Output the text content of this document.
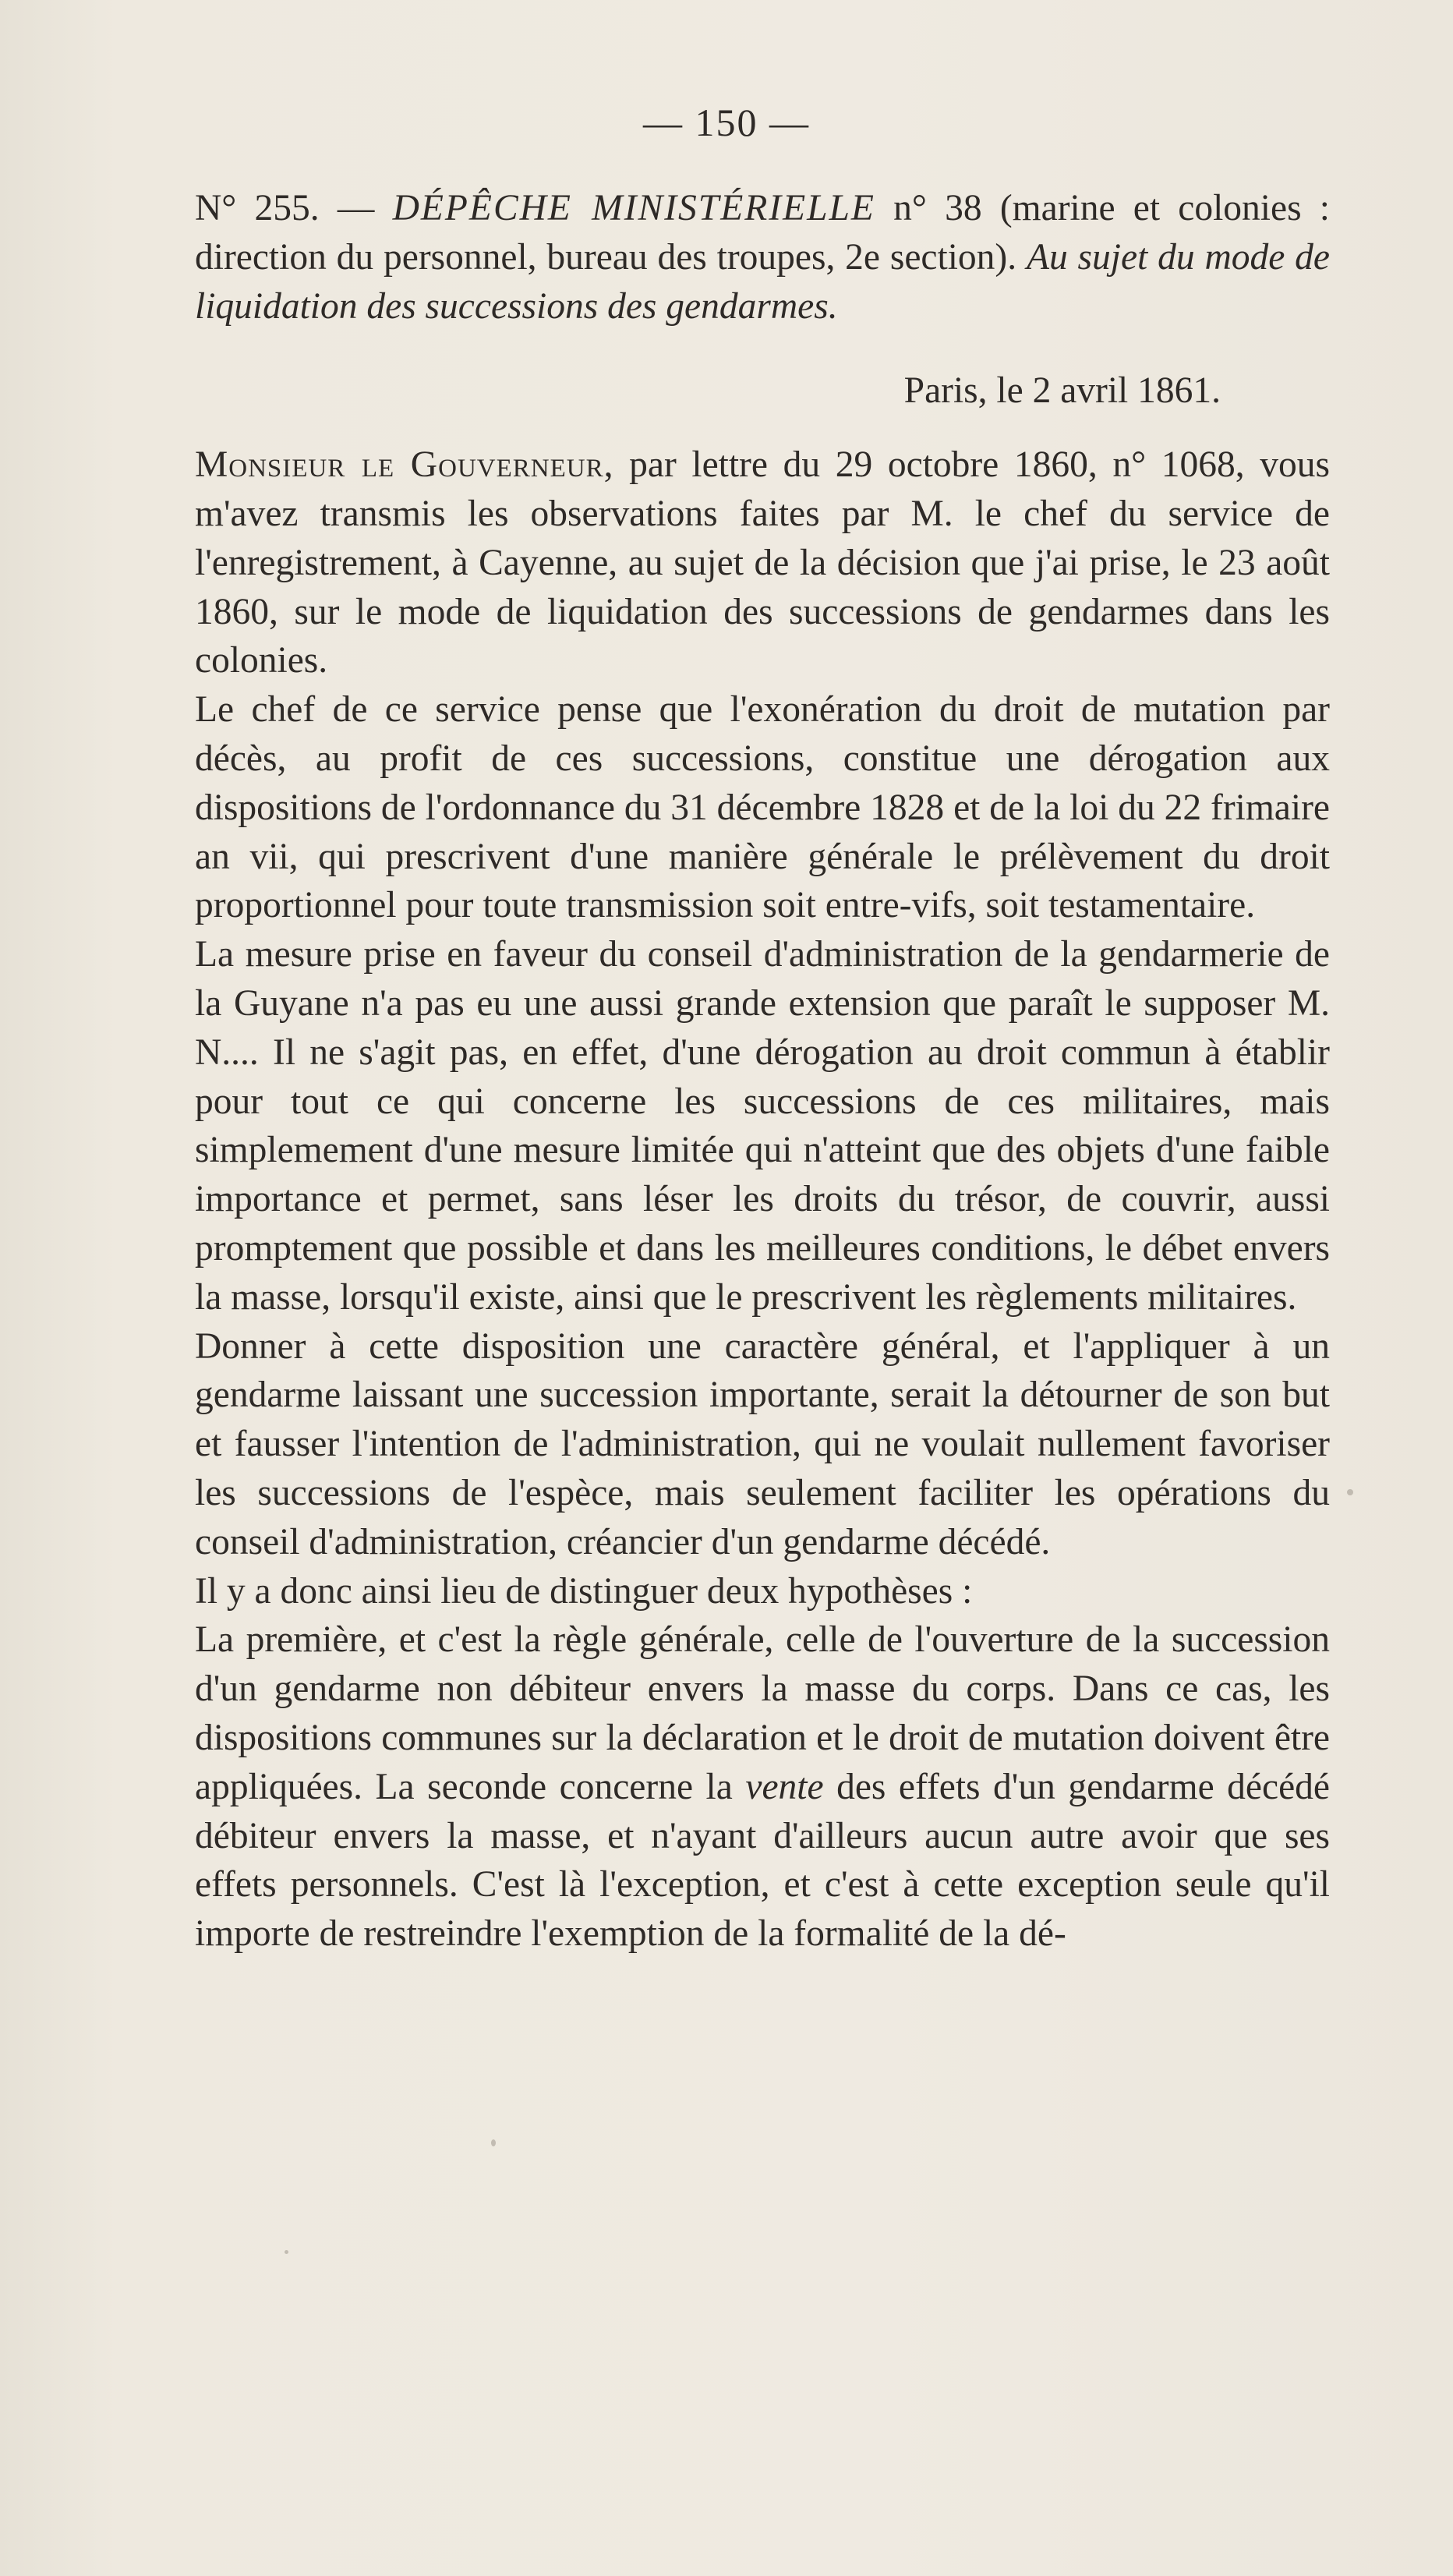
— 150 —

N° 255. — DÉPÊCHE MINISTÉRIELLE n° 38 (marine et colonies : direction du personnel, bureau des troupes, 2e section). Au sujet du mode de liquidation des successions des gendarmes.

Paris, le 2 avril 1861.

Monsieur le Gouverneur, par lettre du 29 octobre 1860, n° 1068, vous m'avez transmis les observations faites par M. le chef du service de l'enregistrement, à Cayenne, au sujet de la décision que j'ai prise, le 23 août 1860, sur le mode de liquidation des successions de gendarmes dans les colonies.

Le chef de ce service pense que l'exonération du droit de mutation par décès, au profit de ces successions, constitue une dérogation aux dispositions de l'ordonnance du 31 décembre 1828 et de la loi du 22 frimaire an vii, qui prescrivent d'une manière générale le prélèvement du droit proportionnel pour toute transmission soit entre-vifs, soit testamentaire.

La mesure prise en faveur du conseil d'administration de la gendarmerie de la Guyane n'a pas eu une aussi grande extension que paraît le supposer M. N.... Il ne s'agit pas, en effet, d'une dérogation au droit commun à établir pour tout ce qui concerne les successions de ces militaires, mais simplemement d'une mesure limitée qui n'atteint que des objets d'une faible importance et permet, sans léser les droits du trésor, de couvrir, aussi promptement que possible et dans les meilleures conditions, le débet envers la masse, lorsqu'il existe, ainsi que le prescrivent les règlements militaires.

Donner à cette disposition une caractère général, et l'appliquer à un gendarme laissant une succession importante, serait la détourner de son but et fausser l'intention de l'administration, qui ne voulait nullement favoriser les successions de l'espèce, mais seulement faciliter les opérations du conseil d'administration, créancier d'un gendarme décédé.

Il y a donc ainsi lieu de distinguer deux hypothèses :

La première, et c'est la règle générale, celle de l'ouverture de la succession d'un gendarme non débiteur envers la masse du corps. Dans ce cas, les dispositions communes sur la déclaration et le droit de mutation doivent être appliquées. La seconde concerne la vente des effets d'un gendarme décédé débiteur envers la masse, et n'ayant d'ailleurs aucun autre avoir que ses effets personnels. C'est là l'exception, et c'est à cette exception seule qu'il importe de restreindre l'exemption de la formalité de la dé-
